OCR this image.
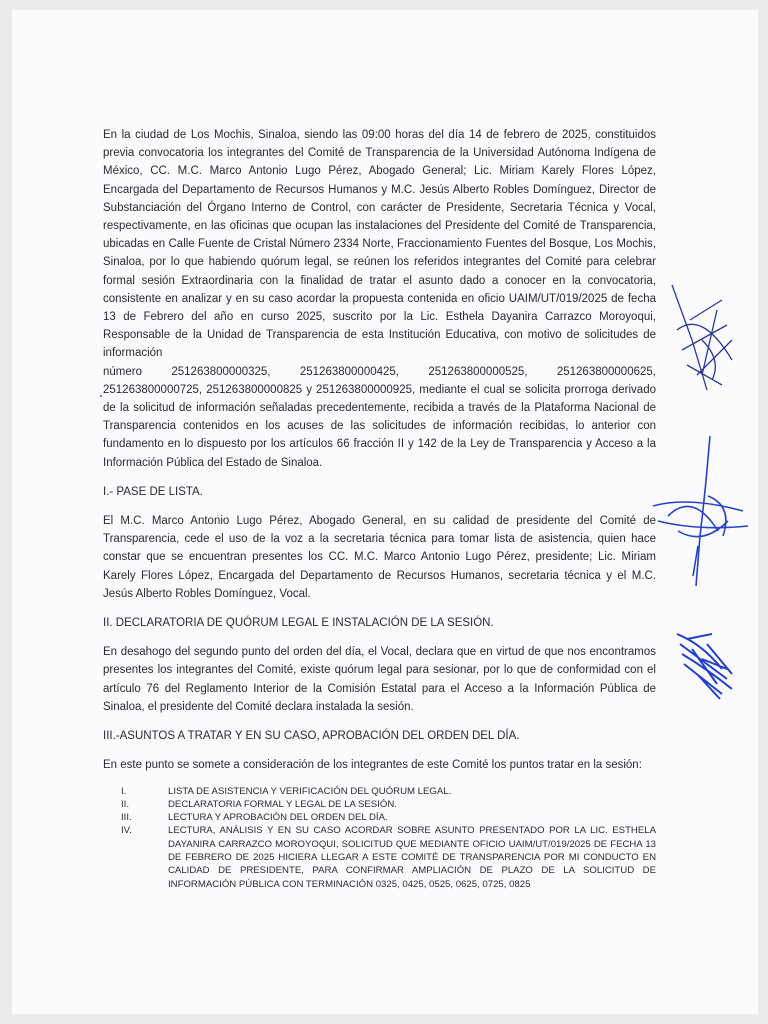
En la ciudad de Los Mochis, Sinaloa, siendo las 09:00 horas del día 14 de febrero de 2025, constituidos previa convocatoria los integrantes del Comité de Transparencia de la Universidad Autónoma Indígena de México, CC. M.C. Marco Antonio Lugo Pérez, Abogado General; Lic. Miriam Karely Flores López, Encargada del Departamento de Recursos Humanos y M.C. Jesús Alberto Robles Domínguez, Director de Substanciación del Órgano Interno de Control, con carácter de Presidente, Secretaria Técnica y Vocal, respectivamente, en las oficinas que ocupan las instalaciones del Presidente del Comité de Transparencia, ubicadas en Calle Fuente de Cristal Número 2334 Norte, Fraccionamiento Fuentes del Bosque, Los Mochis, Sinaloa, por lo que habiendo quórum legal, se reúnen los referidos integrantes del Comité para celebrar formal sesión Extraordinaria con la finalidad de tratar el asunto dado a conocer en la convocatoria, consistente en analizar y en su caso acordar la propuesta contenida en oficio UAIM/UT/019/2025 de fecha 13 de Febrero del año en curso 2025, suscrito por la Lic. Esthela Dayanira Carrazco Moroyoqui, Responsable de la Unidad de Transparencia de esta Institución Educativa, con motivo de solicitudes de información

número 251263800000325, 251263800000425, 251263800000525, 251263800000625,

251263800000725, 251263800000825 y 251263800000925, mediante el cual se solicita prorroga derivado de la solicitud de información señaladas precedentemente, recibida a través de la Plataforma Nacional de Transparencia contenidos en los acuses de las solicitudes de información recibidas, lo anterior con fundamento en lo dispuesto por los artículos 66 fracción II y 142 de la Ley de Transparencia y Acceso a la Información Pública del Estado de Sinaloa.

I.- PASE DE LISTA.

El M.C. Marco Antonio Lugo Pérez, Abogado General, en su calidad de presidente del Comité de Transparencia, cede el uso de la voz a la secretaria técnica para tomar lista de asistencia, quien hace constar que se encuentran presentes los CC. M.C. Marco Antonio Lugo Pérez, presidente; Lic. Miriam Karely Flores López, Encargada del Departamento de Recursos Humanos, secretaria técnica y el M.C. Jesús Alberto Robles Domínguez, Vocal.

II. DECLARATORIA DE QUÓRUM LEGAL E INSTALACIÓN DE LA SESIÓN.

En desahogo del segundo punto del orden del día, el Vocal, declara que en virtud de que nos encontramos presentes los integrantes del Comité, existe quórum legal para sesionar, por lo que de conformidad con el artículo 76 del Reglamento Interior de la Comisión Estatal para el Acceso a la Información Pública de Sinaloa, el presidente del Comité declara instalada la sesión.

III.-ASUNTOS A TRATAR Y EN SU CASO, APROBACIÓN DEL ORDEN DEL DÍA.

En este punto se somete a consideración de los integrantes de este Comité los puntos tratar en la sesión:

I.	LISTA DE ASISTENCIA Y VERIFICACIÓN DEL QUÓRUM LEGAL.
II.	DECLARATORIA FORMAL Y LEGAL DE LA SESIÓN.
III.	LECTURA Y APROBACIÓN DEL ORDEN DEL DÍA.
IV.	LECTURA, ANÁLISIS Y EN SU CASO ACORDAR SOBRE ASUNTO PRESENTADO POR LA LIC. ESTHELA DAYANIRA CARRAZCO MOROYOQUI, SOLICITUD QUE MEDIANTE OFICIO UAIM/UT/019/2025 DE FECHA 13 DE FEBRERO DE 2025 HICIERA LLEGAR A ESTE COMITÉ DE TRANSPARENCIA POR MI CONDUCTO EN CALIDAD DE PRESIDENTE, PARA CONFIRMAR AMPLIACIÓN DE PLAZO DE LA SOLICITUD DE INFORMACIÓN PÚBLICA CON TERMINACIÓN 0325, 0425, 0525, 0625, 0725, 0825
